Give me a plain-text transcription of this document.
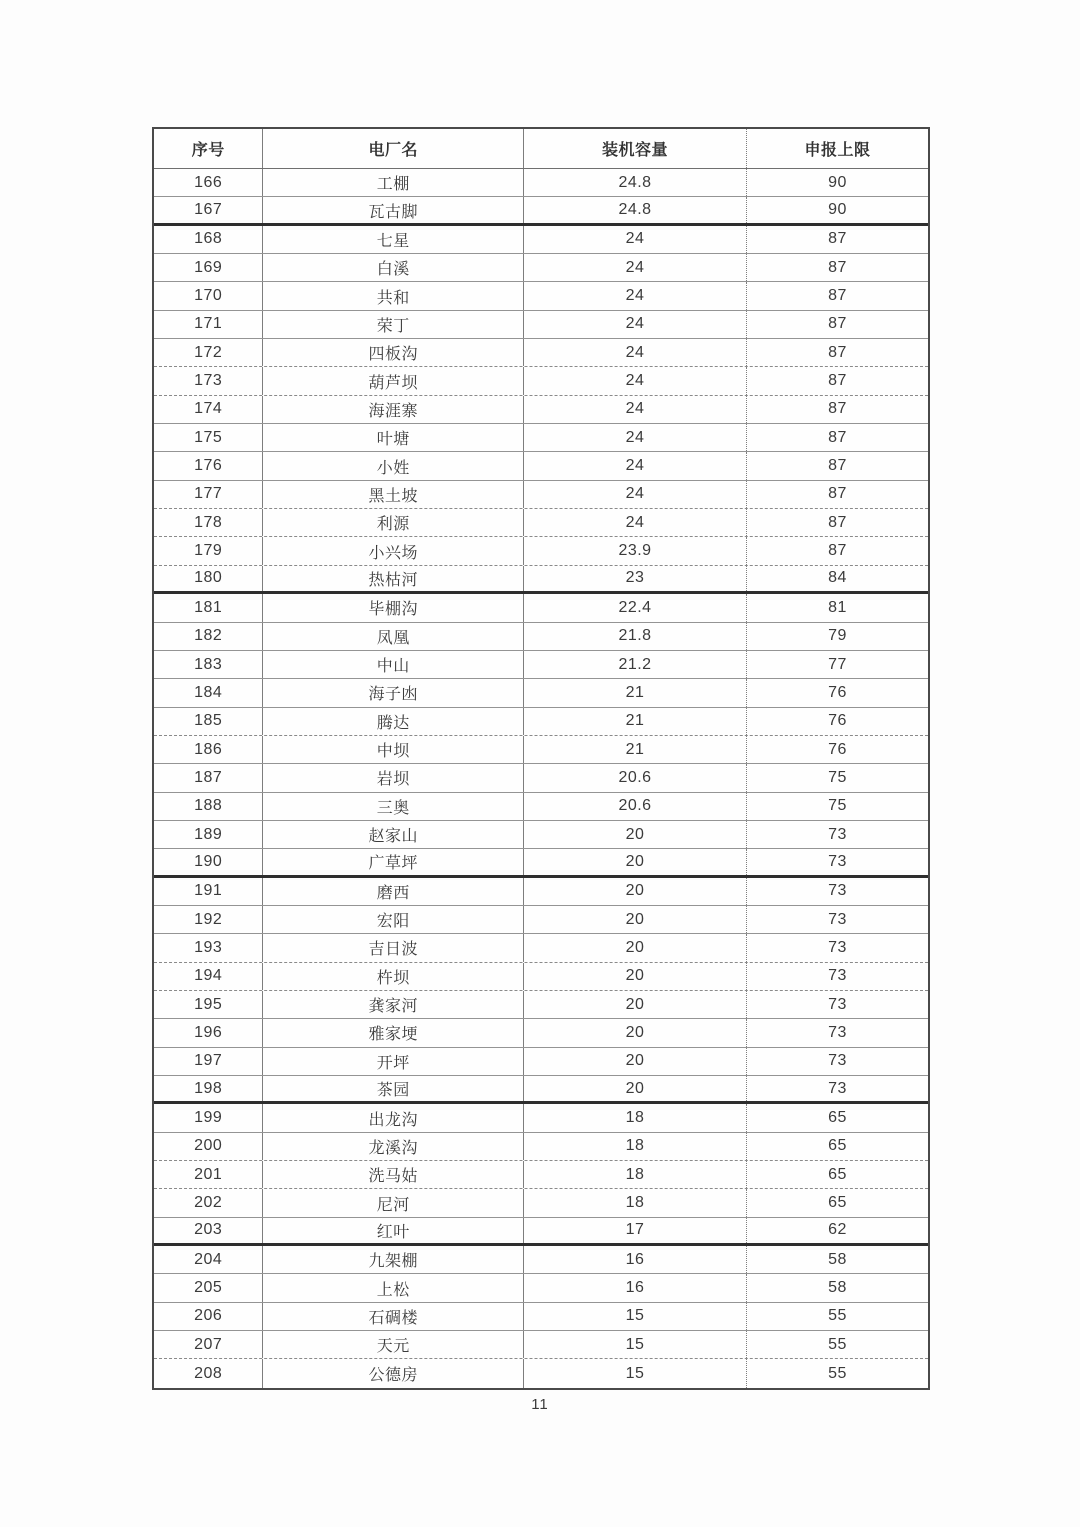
序号	电厂名	装机容量	申报上限
166	工棚	24.8	90
167	瓦古脚	24.8	90
168	七星	24	87
169	白溪	24	87
170	共和	24	87
171	荣丁	24	87
172	四板沟	24	87
173	葫芦坝	24	87
174	海涯寨	24	87
175	叶塘	24	87
176	小姓	24	87
177	黑土坡	24	87
178	利源	24	87
179	小兴场	23.9	87
180	热枯河	23	84
181	毕棚沟	22.4	81
182	凤凰	21.8	79
183	中山	21.2	77
184	海子凼	21	76
185	腾达	21	76
186	中坝	21	76
187	岩坝	20.6	75
188	三奥	20.6	75
189	赵家山	20	73
190	广草坪	20	73
191	磨西	20	73
192	宏阳	20	73
193	吉日波	20	73
194	杵坝	20	73
195	龚家河	20	73
196	雅家埂	20	73
197	开坪	20	73
198	茶园	20	73
199	出龙沟	18	65
200	龙溪沟	18	65
201	洗马姑	18	65
202	尼河	18	65
203	红叶	17	62
204	九架棚	16	58
205	上松	16	58
206	石碉楼	15	55
207	天元	15	55
208	公德房	15	55
11
